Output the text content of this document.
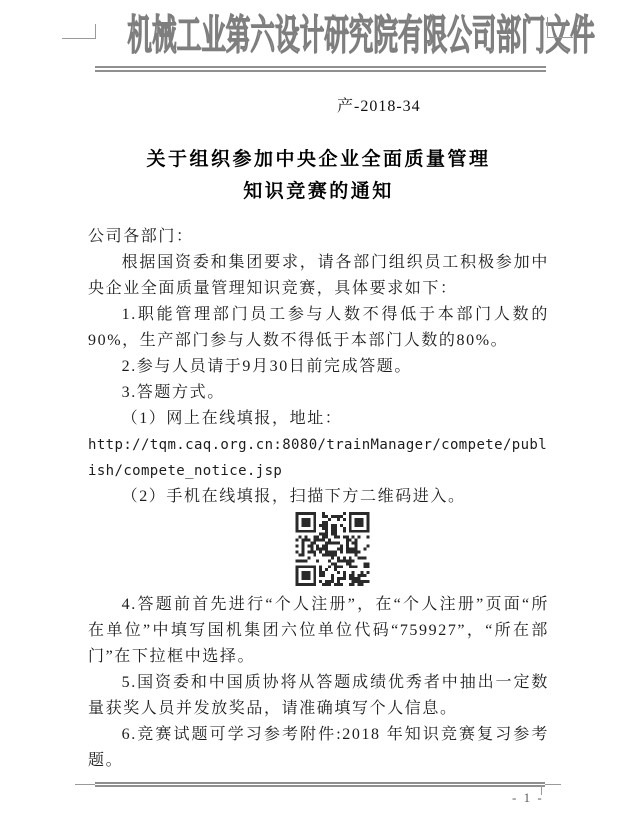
机械工业第六设计研究院有限公司部门文件
产-2018-34
关于组织参加中央企业全面质量管理
知识竞赛的通知

公司各部门：

根据国资委和集团要求，请各部门组织员工积极参加中央企业全面质量管理知识竞赛，具体要求如下：

1.职能管理部门员工参与人数不得低于本部门人数的90%，生产部门参与人数不得低于本部门人数的80%。

2.参与人员请于9月30日前完成答题。

3.答题方式。

（1）网上在线填报，地址：

http://tqm.caq.org.cn:8080/trainManager/compete/publish/compete_notice.jsp

（2）手机在线填报，扫描下方二维码进入。

4.答题前首先进行“个人注册”，在“个人注册”页面“所在单位”中填写国机集团六位单位代码“759927”，“所在部门”在下拉框中选择。

5.国资委和中国质协将从答题成绩优秀者中抽出一定数量获奖人员并发放奖品，请准确填写个人信息。

6.竞赛试题可学习参考附件:2018 年知识竞赛复习参考题。

- 1 -
